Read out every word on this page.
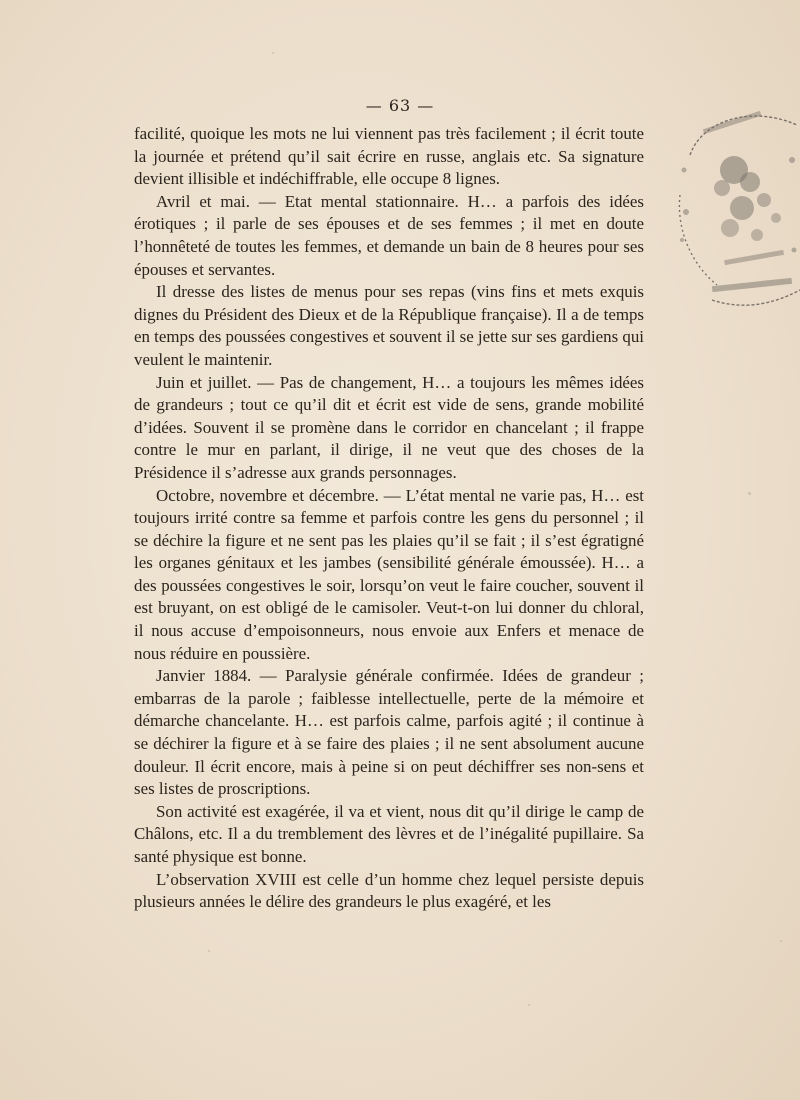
— 63 —

facilité, quoique les mots ne lui viennent pas très facilement ; il écrit toute la journée et prétend qu’il sait écrire en russe, anglais etc. Sa signature devient illisible et indéchiffrable, elle occupe 8 lignes.

Avril et mai. — Etat mental stationnaire. H… a parfois des idées érotiques ; il parle de ses épouses et de ses femmes ; il met en doute l’honnêteté de toutes les femmes, et demande un bain de 8 heures pour ses épouses et servantes.

Il dresse des listes de menus pour ses repas (vins fins et mets exquis dignes du Président des Dieux et de la République française). Il a de temps en temps des poussées congestives et souvent il se jette sur ses gardiens qui veulent le maintenir.

Juin et juillet. — Pas de changement, H… a toujours les mêmes idées de grandeurs ; tout ce qu’il dit et écrit est vide de sens, grande mobilité d’idées. Souvent il se promène dans le corridor en chancelant ; il frappe contre le mur en parlant, il dirige, il ne veut que des choses de la Présidence il s’adresse aux grands personnages.

Octobre, novembre et décembre. — L’état mental ne varie pas, H… est toujours irrité contre sa femme et parfois contre les gens du personnel ; il se déchire la figure et ne sent pas les plaies qu’il se fait ; il s’est égratigné les organes génitaux et les jambes (sensibilité générale émoussée). H… a des poussées congestives le soir, lorsqu’on veut le faire coucher, souvent il est bruyant, on est obligé de le camisoler. Veut-t-on lui donner du chloral, il nous accuse d’empoisonneurs, nous envoie aux Enfers et menace de nous réduire en poussière.

Janvier 1884. — Paralysie générale confirmée. Idées de grandeur ; embarras de la parole ; faiblesse intellectuelle, perte de la mémoire et démarche chancelante. H… est parfois calme, parfois agité ; il continue à se déchirer la figure et à se faire des plaies ; il ne sent absolument aucune douleur. Il écrit encore, mais à peine si on peut déchiffrer ses non-sens et ses listes de proscriptions.

Son activité est exagérée, il va et vient, nous dit qu’il dirige le camp de Châlons, etc. Il a du tremblement des lèvres et de l’inégalité pupillaire. Sa santé physique est bonne.

L’observation XVIII est celle d’un homme chez lequel persiste depuis plusieurs années le délire des grandeurs le plus exagéré, et les
